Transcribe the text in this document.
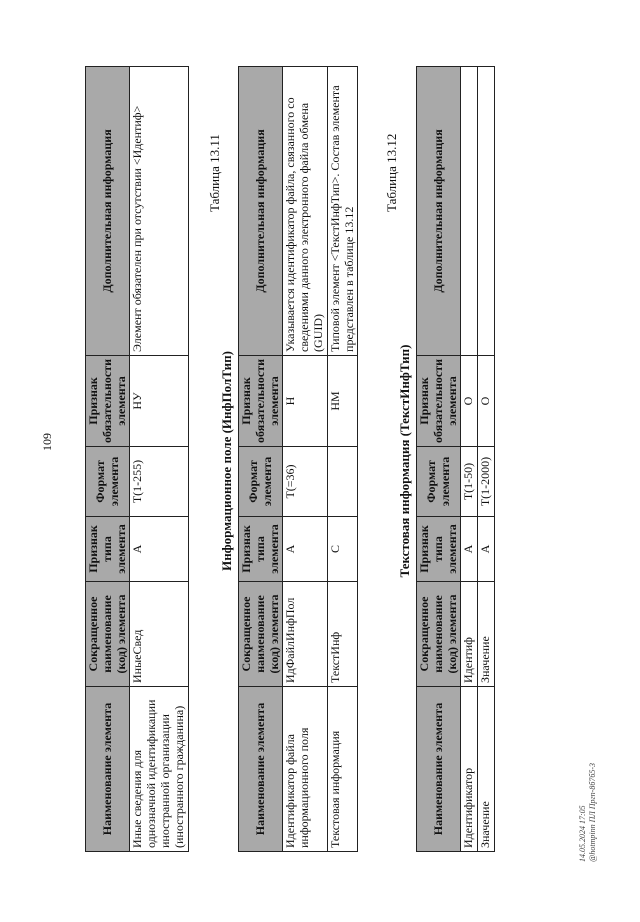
109
Наименование элемента	Сокращенное наименование (код) элемента	Признак типа элемента	Формат элемента	Признак обязательности элемента	Дополнительная информация
Иные сведения для однозначной идентификации иностранной организации (иностранного гражданина)	ИныеСвед	А	T(1-255)	НУ	Элемент обязателен при отсутствии <Идентиф>	Таблица 13.11
Информационное поле (ИнфПолТип)
Наименование элемента	Сокращенное наименование (код) элемента	Признак типа элемента	Формат элемента	Признак обязательности элемента	Дополнительная информация
Идентификатор файла информационного поля	ИдФайлИнфПол	А	T(=36)	Н	Указывается идентификатор файла, связанного со сведениями данного электронного файла обмена (GUID)
Текстовая информация	ТекстИнф	С		НМ	Типовой элемент <ТекстИнфТип>. Состав элемента представлен в таблице 13.12
Таблица 13.12
Текстовая информация (ТекстИнфТип)
Наименование элемента	Сокращенное наименование (код) элемента	Признак типа элемента	Формат элемента	Признак обязательности элемента	Дополнительная информация
Идентификатор	Идентиф	А	T(1-50)	О	
Значение	Значение	А	T(1-2000)	О	
14.05.2024 17:05 @hotmpinn ПЛ Пргп-8б7б5-3
